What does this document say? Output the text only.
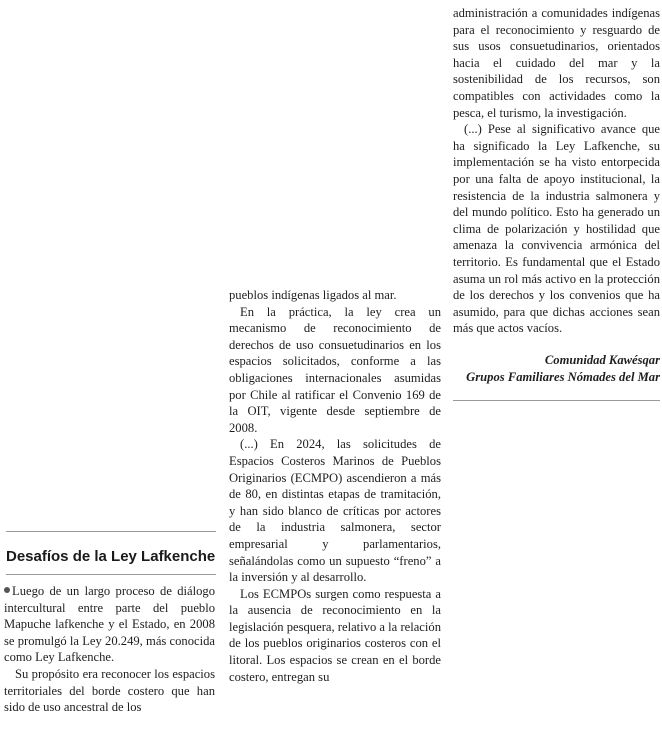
Desafíos de la Ley Lafkenche

Luego de un largo proceso de diálogo intercultural entre parte del pueblo Mapuche lafkenche y el Estado, en 2008 se promulgó la Ley 20.249, más conocida como Ley Lafkenche.

Su propósito era reconocer los espacios territoriales del borde costero que han sido de uso ancestral de los

pueblos indígenas ligados al mar.

En la práctica, la ley crea un mecanismo de reconocimiento de derechos de uso consuetudinarios en los espacios solicitados, conforme a las obligaciones internacionales asumidas por Chile al ratificar el Convenio 169 de la OIT, vigente desde septiembre de 2008.

(...) En 2024, las solicitudes de Espacios Costeros Marinos de Pueblos Originarios (ECMPO) ascendieron a más de 80, en distintas etapas de tramitación, y han sido blanco de críticas por actores de la industria salmonera, sector empresarial y parlamentarios, señalándolas como un supuesto “freno” a la inversión y al desarrollo.

Los ECMPOs surgen como respuesta a la ausencia de reconocimiento en la legislación pesquera, relativo a la relación de los pueblos originarios costeros con el litoral. Los espacios se crean en el borde costero, entregan su

administración a comunidades indígenas para el reconocimiento y resguardo de sus usos consuetudinarios, orientados hacia el cuidado del mar y la sostenibilidad de los recursos, son compatibles con actividades como la pesca, el turismo, la investigación.

(...) Pese al significativo avance que ha significado la Ley Lafkenche, su implementación se ha visto entorpecida por una falta de apoyo institucional, la resistencia de la industria salmonera y del mundo político. Esto ha generado un clima de polarización y hostilidad que amenaza la convivencia armónica del territorio. Es fundamental que el Estado asuma un rol más activo en la protección de los derechos y los convenios que ha asumido, para que dichas acciones sean más que actos vacíos.

Comunidad Kawésqar
Grupos Familiares Nómades del Mar
